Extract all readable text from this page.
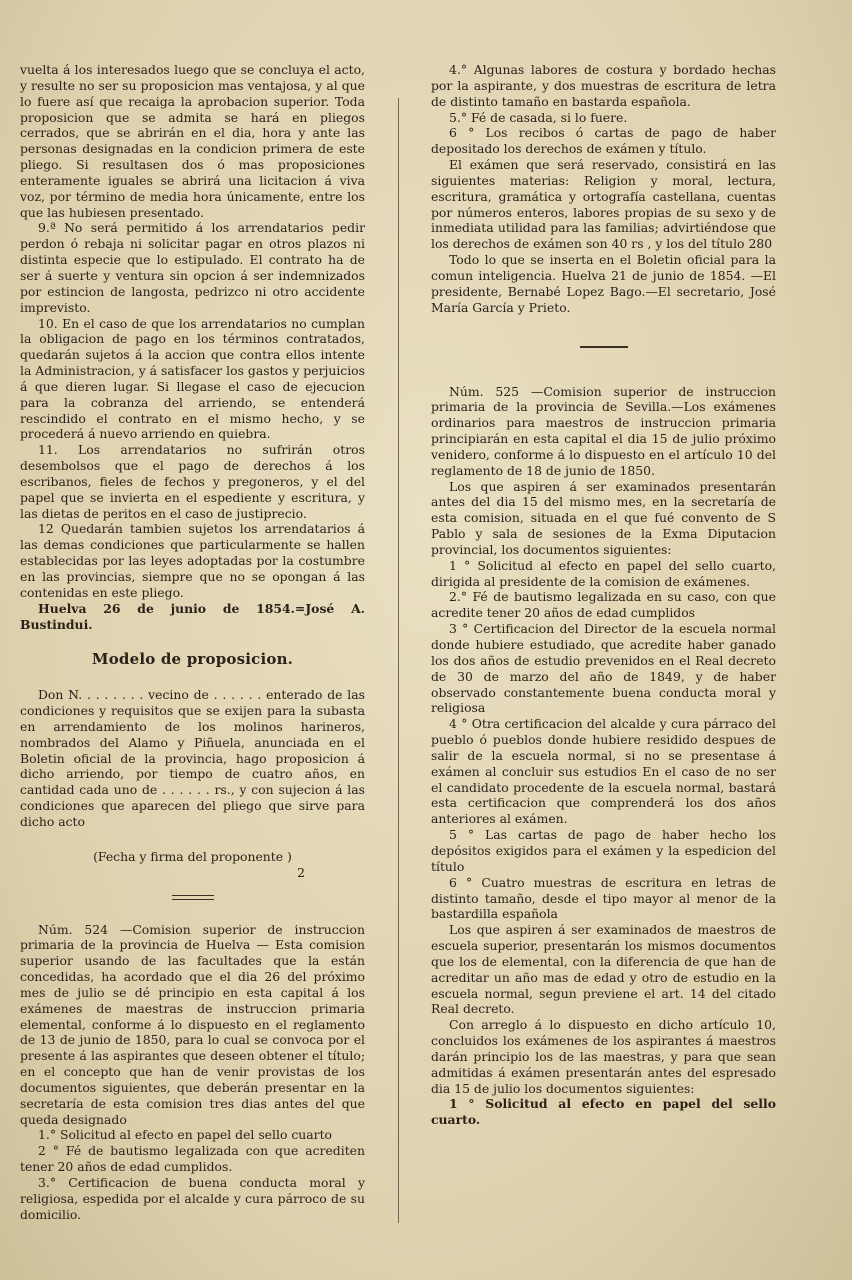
vuelta á los interesados luego que se concluya el acto, y resulte no ser su proposicion mas ventajosa, y al que lo fuere así que recaiga la aprobacion superior. Toda proposicion que se admita se hará en pliegos cerrados, que se abrirán en el dia, hora y ante las personas designadas en la condicion primera de este pliego. Si resultasen dos ó mas proposiciones enteramente iguales se abrirá una licitacion á viva voz, por término de media hora únicamente, entre los que las hubiesen presentado.

9.ª No será permitido á los arrendatarios pedir perdon ó rebaja ni solicitar pagar en otros plazos ni distinta especie que lo estipulado. El contrato ha de ser á suerte y ventura sin opcion á ser indemnizados por estincion de langosta, pedrizco ni otro accidente imprevisto.

10. En el caso de que los arrendatarios no cumplan la obligacion de pago en los términos contratados, quedarán sujetos á la accion que contra ellos intente la Administracion, y á satisfacer los gastos y perjuicios á que dieren lugar. Si llegase el caso de ejecucion para la cobranza del arriendo, se entenderá rescindido el contrato en el mismo hecho, y se procederá á nuevo arriendo en quiebra.

11. Los arrendatarios no sufrirán otros desembolsos que el pago de derechos á los escribanos, fieles de fechos y pregoneros, y el del papel que se invierta en el espediente y escritura, y las dietas de peritos en el caso de justiprecio.

12 Quedarán tambien sujetos los arrendatarios á las demas condiciones que particularmente se hallen establecidas por las leyes adoptadas por la costumbre en las provincias, siempre que no se opongan á las contenidas en este pliego.

Huelva 26 de junio de 1854.=José A. Bustindui.

Modelo de proposicion.

Don N. . . . . . . . vecino de . . . . . . enterado de las condiciones y requisitos que se exijen para la subasta en arrendamiento de los molinos harineros, nombrados del Alamo y Piñuela, anunciada en el Boletin oficial de la provincia, hago proposicion á dicho arriendo, por tiempo de cuatro años, en cantidad cada uno de . . . . . . rs., y con sujecion á las condiciones que aparecen del pliego que sirve para dicho acto

(Fecha y firma del proponente )

2

Núm. 524 —Comision superior de instruccion primaria de la provincia de Huelva — Esta comision superior usando de las facultades que la están concedidas, ha acordado que el dia 26 del próximo mes de julio se dé principio en esta capital á los exámenes de maestras de instruccion primaria elemental, conforme á lo dispuesto en el reglamento de 13 de junio de 1850, para lo cual se convoca por el presente á las aspirantes que deseen obtener el título; en el concepto que han de venir provistas de los documentos siguientes, que deberán presentar en la secretaría de esta comision tres dias antes del que queda designado

1.° Solicitud al efecto en papel del sello cuarto

2 ° Fé de bautismo legalizada con que acrediten tener 20 años de edad cumplidos.

3.° Certificacion de buena conducta moral y religiosa, espedida por el alcalde y cura párroco de su domicilio.

4.° Algunas labores de costura y bordado hechas por la aspirante, y dos muestras de escritura de letra de distinto tamaño en bastarda española.

5.° Fé de casada, si lo fuere.

6 ° Los recibos ó cartas de pago de haber depositado los derechos de exámen y título.

El exámen que será reservado, consistirá en las siguientes materias: Religion y moral, lectura, escritura, gramática y ortografía castellana, cuentas por números enteros, labores propias de su sexo y de inmediata utilidad para las familias; advirtiéndose que los derechos de exámen son 40 rs , y los del título 280

Todo lo que se inserta en el Boletin oficial para la comun inteligencia. Huelva 21 de junio de 1854. —El presidente, Bernabé Lopez Bago.—El secretario, José María García y Prieto.

Núm. 525 —Comision superior de instruccion primaria de la provincia de Sevilla.—Los exámenes ordinarios para maestros de instruccion primaria principiarán en esta capital el dia 15 de julio próximo venidero, conforme á lo dispuesto en el artículo 10 del reglamento de 18 de junio de 1850.

Los que aspiren á ser examinados presentarán antes del dia 15 del mismo mes, en la secretaría de esta comision, situada en el que fué convento de S Pablo y sala de sesiones de la Exma Diputacion provincial, los documentos siguientes:

1 ° Solicitud al efecto en papel del sello cuarto, dirigida al presidente de la comision de exámenes.

2.° Fé de bautismo legalizada en su caso, con que acredite tener 20 años de edad cumplidos

3 ° Certificacion del Director de la escuela normal donde hubiere estudiado, que acredite haber ganado los dos años de estudio prevenidos en el Real decreto de 30 de marzo del año de 1849, y de haber observado constantemente buena conducta moral y religiosa

4 ° Otra certificacion del alcalde y cura párraco del pueblo ó pueblos donde hubiere residido despues de salir de la escuela normal, si no se presentase á exámen al concluir sus estudios En el caso de no ser el candidato procedente de la escuela normal, bastará esta certificacion que comprenderá los dos años anteriores al exámen.

5 ° Las cartas de pago de haber hecho los depósitos exigidos para el exámen y la espedicion del título

6 ° Cuatro muestras de escritura en letras de distinto tamaño, desde el tipo mayor al menor de la bastardilla española

Los que aspiren á ser examinados de maestros de escuela superior, presentarán los mismos documentos que los de elemental, con la diferencia de que han de acreditar un año mas de edad y otro de estudio en la escuela normal, segun previene el art. 14 del citado Real decreto.

Con arreglo á lo dispuesto en dicho artículo 10, concluidos los exámenes de los aspirantes á maestros darán principio los de las maestras, y para que sean admitidas á exámen presentarán antes del espresado dia 15 de julio los documentos siguientes:

1 ° Solicitud al efecto en papel del sello cuarto.
